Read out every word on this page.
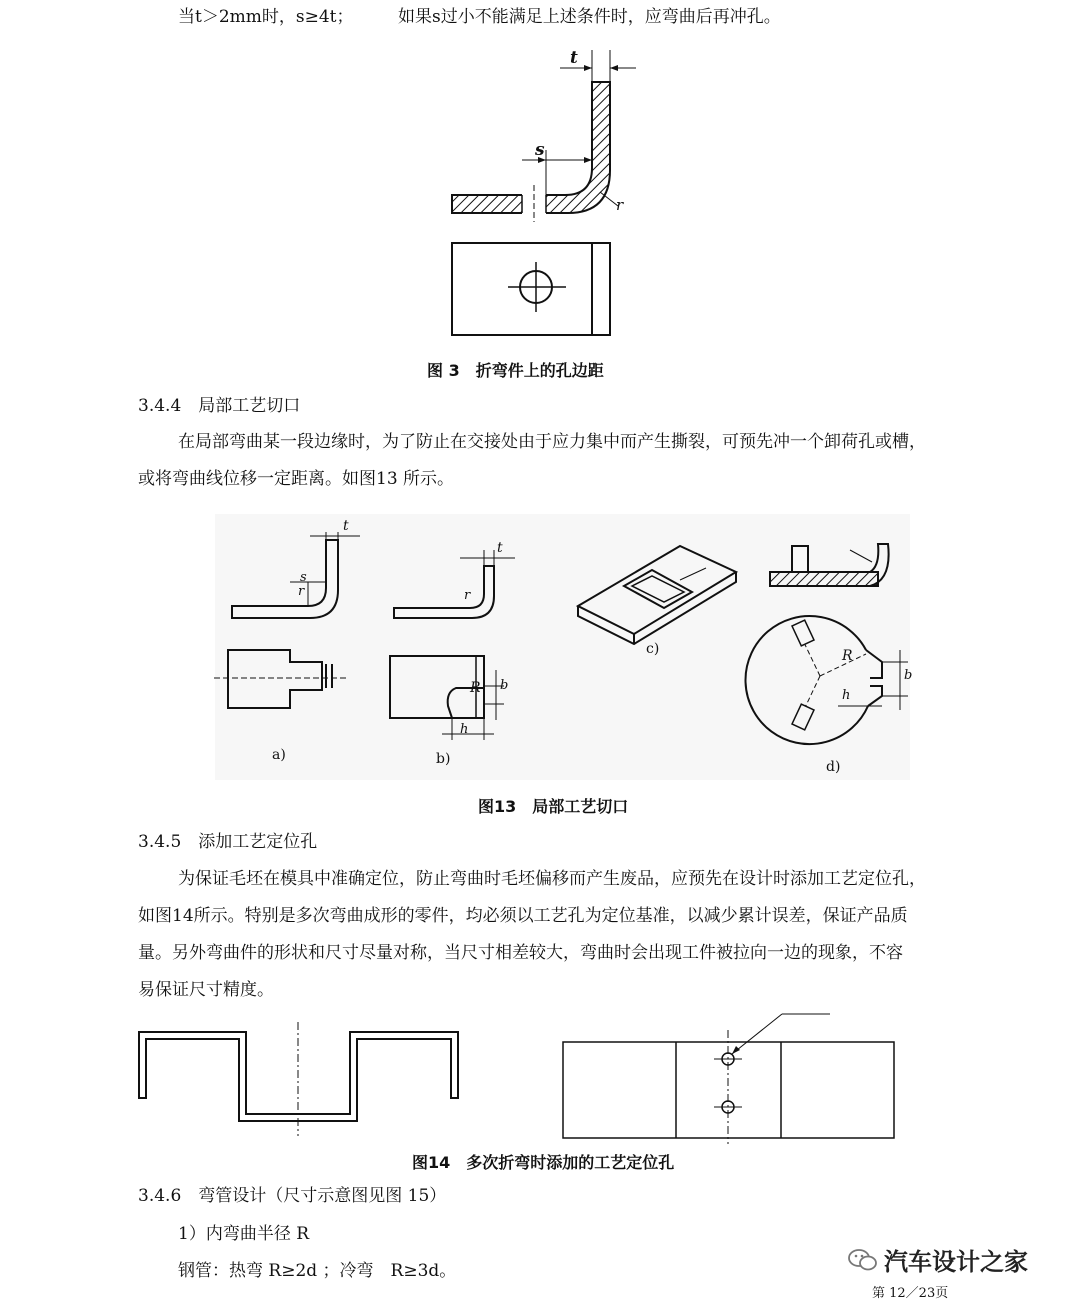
当t＞2mm时，s≥4t；	如果s过小不能满足上述条件时，应弯曲后再冲孔。
t
s
r
图 3　折弯件上的孔边距
3.4.4　局部工艺切口
在局部弯曲某一段边缘时，为了防止在交接处由于应力集中而产生撕裂，可预先冲一个卸荷孔或槽，
或将弯曲线位移一定距离。如图13 所示。
t
s
r
t
r
R b
h
R
h
b
a)	b)
c)
d)
图13　局部工艺切口
3.4.5　添加工艺定位孔
为保证毛坯在模具中准确定位，防止弯曲时毛坯偏移而产生废品，应预先在设计时添加工艺定位孔，
如图14所示。特别是多次弯曲成形的零件，均必须以工艺孔为定位基准，以减少累计误差，保证产品质
量。另外弯曲件的形状和尺寸尽量对称，当尺寸相差较大，弯曲时会出现工件被拉向一边的现象，不容
易保证尺寸精度。
图14　多次折弯时添加的工艺定位孔
3.4.6　弯管设计（尺寸示意图见图 15）
1）内弯曲半径 R
钢管：热弯 R≥2d ；冷弯　R≥3d。	汽车设计之家
第 12／23页
